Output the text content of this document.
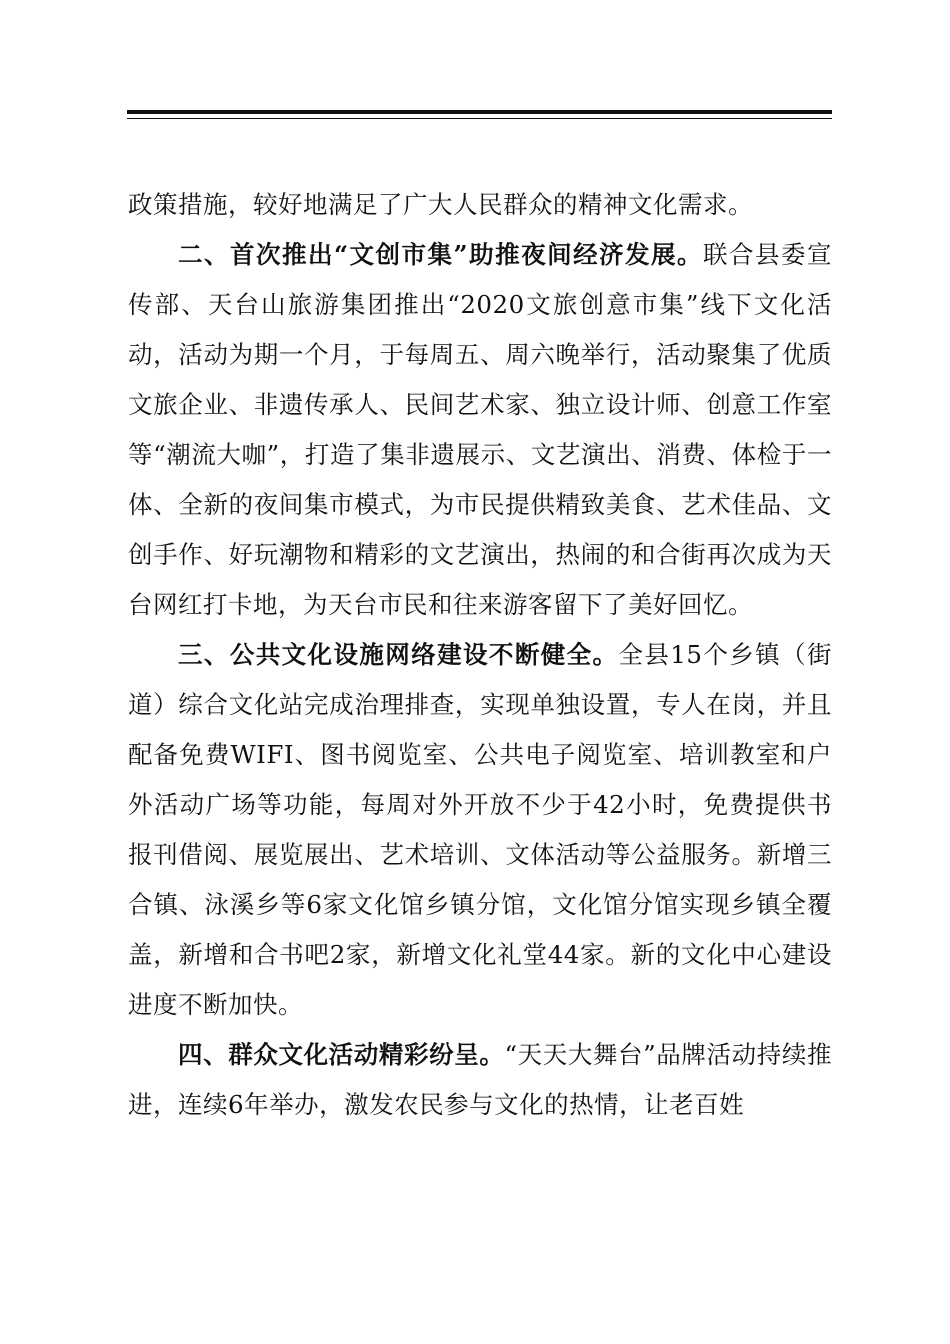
政策措施，较好地满足了广大人民群众的精神文化需求。

二、首次推出“文创市集”助推夜间经济发展。联合县委宣传部、天台山旅游集团推出“2020文旅创意市集”线下文化活动，活动为期一个月，于每周五、周六晚举行，活动聚集了优质文旅企业、非遗传承人、民间艺术家、独立设计师、创意工作室等“潮流大咖”，打造了集非遗展示、文艺演出、消费、体检于一体、全新的夜间集市模式，为市民提供精致美食、艺术佳品、文创手作、好玩潮物和精彩的文艺演出，热闹的和合街再次成为天台网红打卡地，为天台市民和往来游客留下了美好回忆。

三、公共文化设施网络建设不断健全。全县15个乡镇（街道）综合文化站完成治理排查，实现单独设置，专人在岗，并且配备免费WIFI、图书阅览室、公共电子阅览室、培训教室和户外活动广场等功能，每周对外开放不少于42小时，免费提供书报刊借阅、展览展出、艺术培训、文体活动等公益服务。新增三合镇、泳溪乡等6家文化馆乡镇分馆，文化馆分馆实现乡镇全覆盖，新增和合书吧2家，新增文化礼堂44家。新的文化中心建设进度不断加快。

四、群众文化活动精彩纷呈。“天天大舞台”品牌活动持续推进，连续6年举办，激发农民参与文化的热情，让老百姓
